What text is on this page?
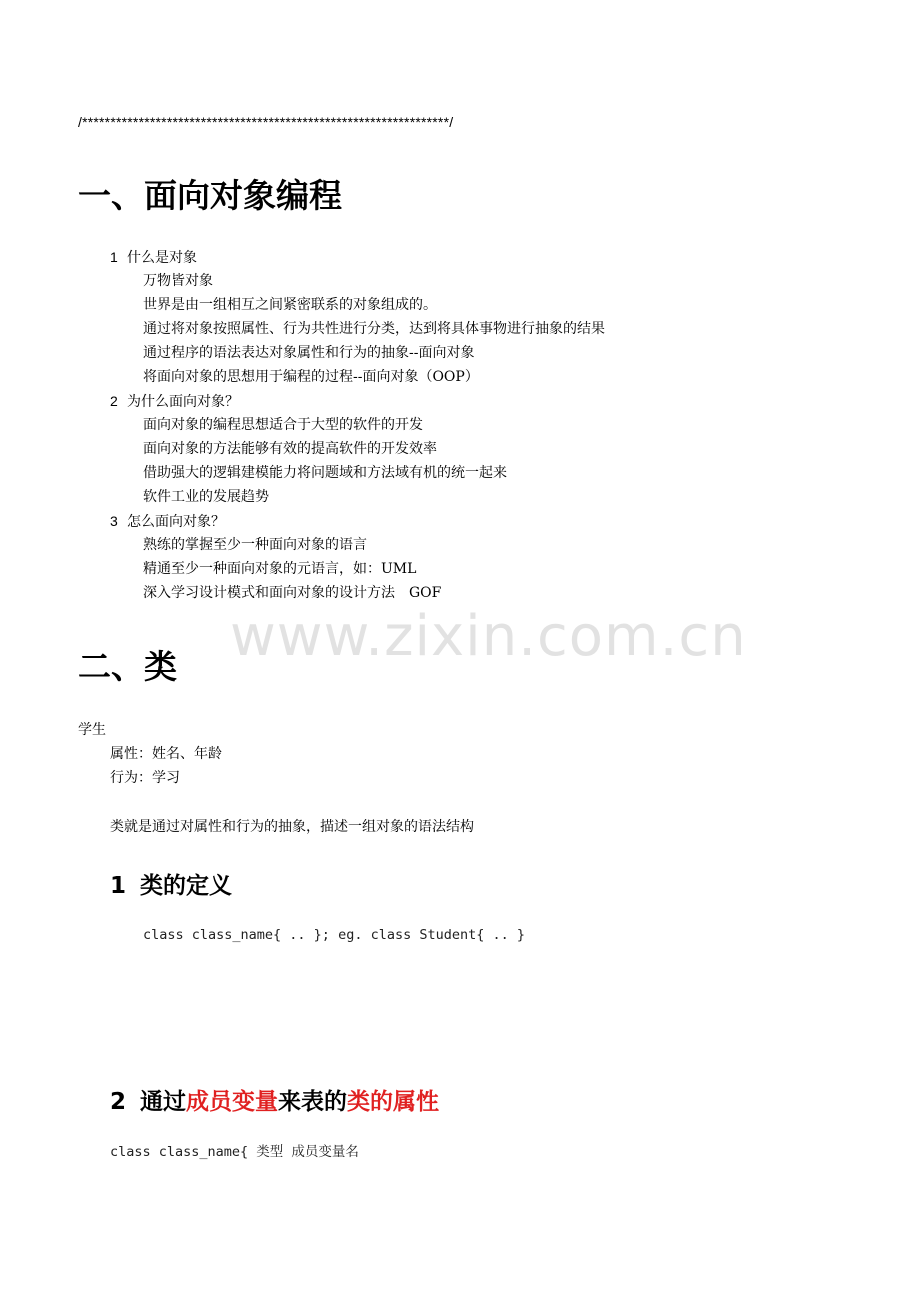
/*****************************************************************/
一、面向对象编程
1 什么是对象
万物皆对象
世界是由一组相互之间紧密联系的对象组成的。
通过将对象按照属性、行为共性进行分类，达到将具体事物进行抽象的结果
通过程序的语法表达对象属性和行为的抽象--面向对象
将面向对象的思想用于编程的过程--面向对象（OOP）
2 为什么面向对象？
面向对象的编程思想适合于大型的软件的开发
面向对象的方法能够有效的提高软件的开发效率
借助强大的逻辑建模能力将问题域和方法域有机的统一起来
软件工业的发展趋势
3 怎么面向对象？
熟练的掌握至少一种面向对象的语言
精通至少一种面向对象的元语言，如：UML
深入学习设计模式和面向对象的设计方法　GOF
www.zixin.com.cn
二、类
学生
属性：姓名、年龄
行为：学习
类就是通过对属性和行为的抽象，描述一组对象的语法结构
1 类的定义
class class_name{ .. }; eg. class Student{ .. }
2 通过成员变量来表的类的属性
class class_name{ 类型 成员变量名
